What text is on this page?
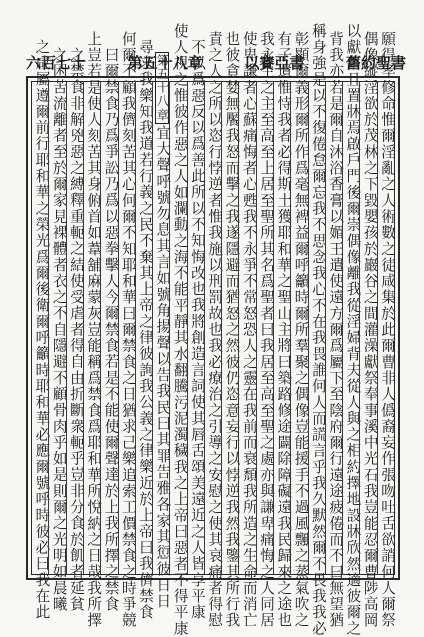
舊約聖書
以賽亞書
第五十八章
六百七十	願得孝修命惟爾淫亂之人術數之徒咸集於此爾曹非人僞裔妄作張吻吐舌欲誚何人爾祭
偶像縱淫欲於茂林之下毀嬰孩於巖谷之間灌澡獻祭奉事溪中光石我豈能忍爾曹陟高岡
以獻祭且置牀焉啟戶門後爾崇偶像離我從淫婦背夫從人與之相約擇地設牀欣然適彼爾之
背我亦若是爾自沐浴香膏以媚王遣使遠方爾爲屬下至陰府爾行遠途疲倦而不曰無望猶
稱身強是以不復倦怠爾忘我不思念我心不在我畏誰何人而謊言乎我久默然爾不畏我我必
彰顯爾義形爾所作爲毫無裨益爾呼籲時爾所羣聚之偶像豈能援手不過風飄之蒸氣吹之
有子遺惟恃我者必得斯土獲耶和華之聖山主將曰築路修途闢除障礙遠我民歸來之途也
我永生之主至高至上居至聖所其名爲聖者曰我居至高至聖之處亦與謙卑痛悔之人同居
使卑謙者心蘇痛悔者心甦我不永爭不常怒恐人之靈在我前而衰頹我所造之生命而消亡
也彼貪婪無饜我怒而擊之我遂隱避而猶怒之然彼仍恣意妄行以悖逆我然我鑒其所行我
責之人之所以恣行悖逆者惟我施以刑罰故也我必療治之引導之安慰之使其哀痛者得慰
不以爲惡反以爲善此所以不知悔改也我將創造言詞使其唇舌頌美遠近之人皆享平康
使人視之惟彼作惡之人如瀾動之海不能平靜其水翻騰污泥濁穢我之上帝曰惡者不得平康
第五十八章
宜大聲呼號勿息其言如號角揚聲以告我民曰其罪告雅各家其愆彼日日
尋求我樂知我道若行義之民不棄其上帝之律彼詢我公義之律樂近於上帝曰我儕禁食
何爾不顧我儕刻苦其心何爾不知耶和華曰爾禁食之日猶求己樂追索工價禁食之時爭競
曰爾禁食乃爲爭訟乃爲以惡拳擊人今爾禁食若是不能使爾聲達於上我所擇之禁食
上豈若是使人刻苦其身俯首如葦舖麻蒙灰豈能稱爲禁食爲耶和華所悅納之日哉我所擇
之禁食非解兇惡之縛釋重軛之結使受虐者得自由折斷衆軛乎豈非分食於飢者延貧
之困苦流離者至於爾家見裸體者衣之不自隱避不顧骨肉乎如是則爾之光明如晨曦
之咸屬遵爾前行耶和華之榮光爲爾後衛爾呼籲時耶和華必應爾號呼時彼必曰我在此
